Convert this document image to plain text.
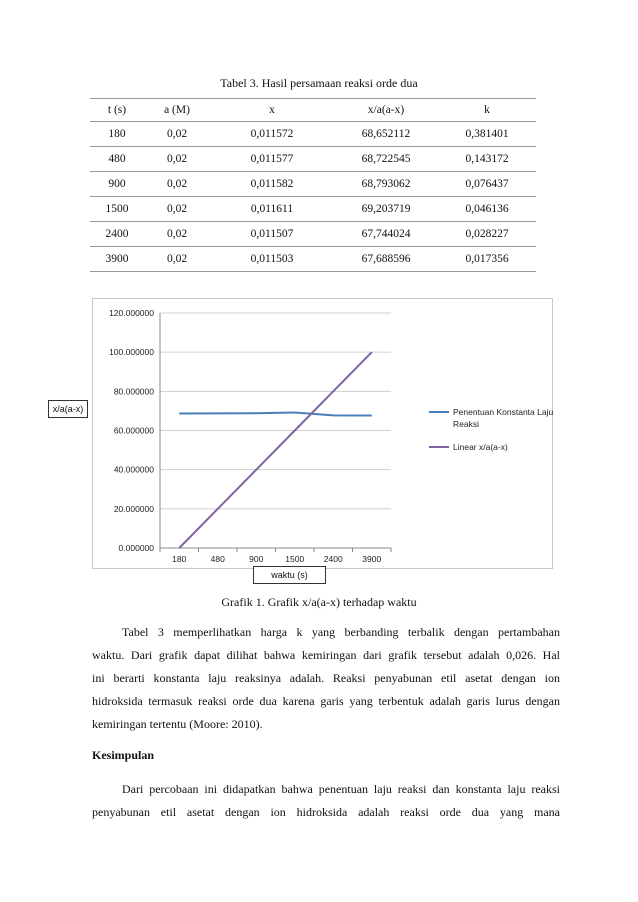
Tabel 3. Hasil persamaan reaksi orde dua
t (s)	a (M)	x	x/a(a-x)	k
180	0,02	0,011572	68,652112	0,381401
480	0,02	0,011577	68,722545	0,143172
900	0,02	0,011582	68,793062	0,076437
1500	0,02	0,011611	69,203719	0,046136
2400	0,02	0,011507	67,744024	0,028227
3900	0,02	0,011503	67,688596	0,017356
120.000000
100.000000
80.000000
60.000000
40.000000
20.000000
0.000000
180	480	900	1500 2400 3900
Penentuan Konstanta Laju Reaksi
Linear x/a(a-x)
x/a(a-x)
waktu (s)
Grafik 1. Grafik x/a(a-x) terhadap waktu
Tabel 3 memperlihatkan harga k yang berbanding terbalik dengan pertambahan
waktu. Dari grafik dapat dilihat bahwa kemiringan dari grafik tersebut adalah 0,026. Hal
ini berarti konstanta laju reaksinya adalah. Reaksi penyabunan etil asetat dengan ion
hidroksida termasuk reaksi orde dua karena garis yang terbentuk adalah garis lurus dengan
kemiringan tertentu (Moore: 2010).
Kesimpulan
Dari percobaan ini didapatkan bahwa penentuan laju reaksi dan konstanta laju reaksi
penyabunan etil asetat dengan ion hidroksida adalah reaksi orde dua yang mana
